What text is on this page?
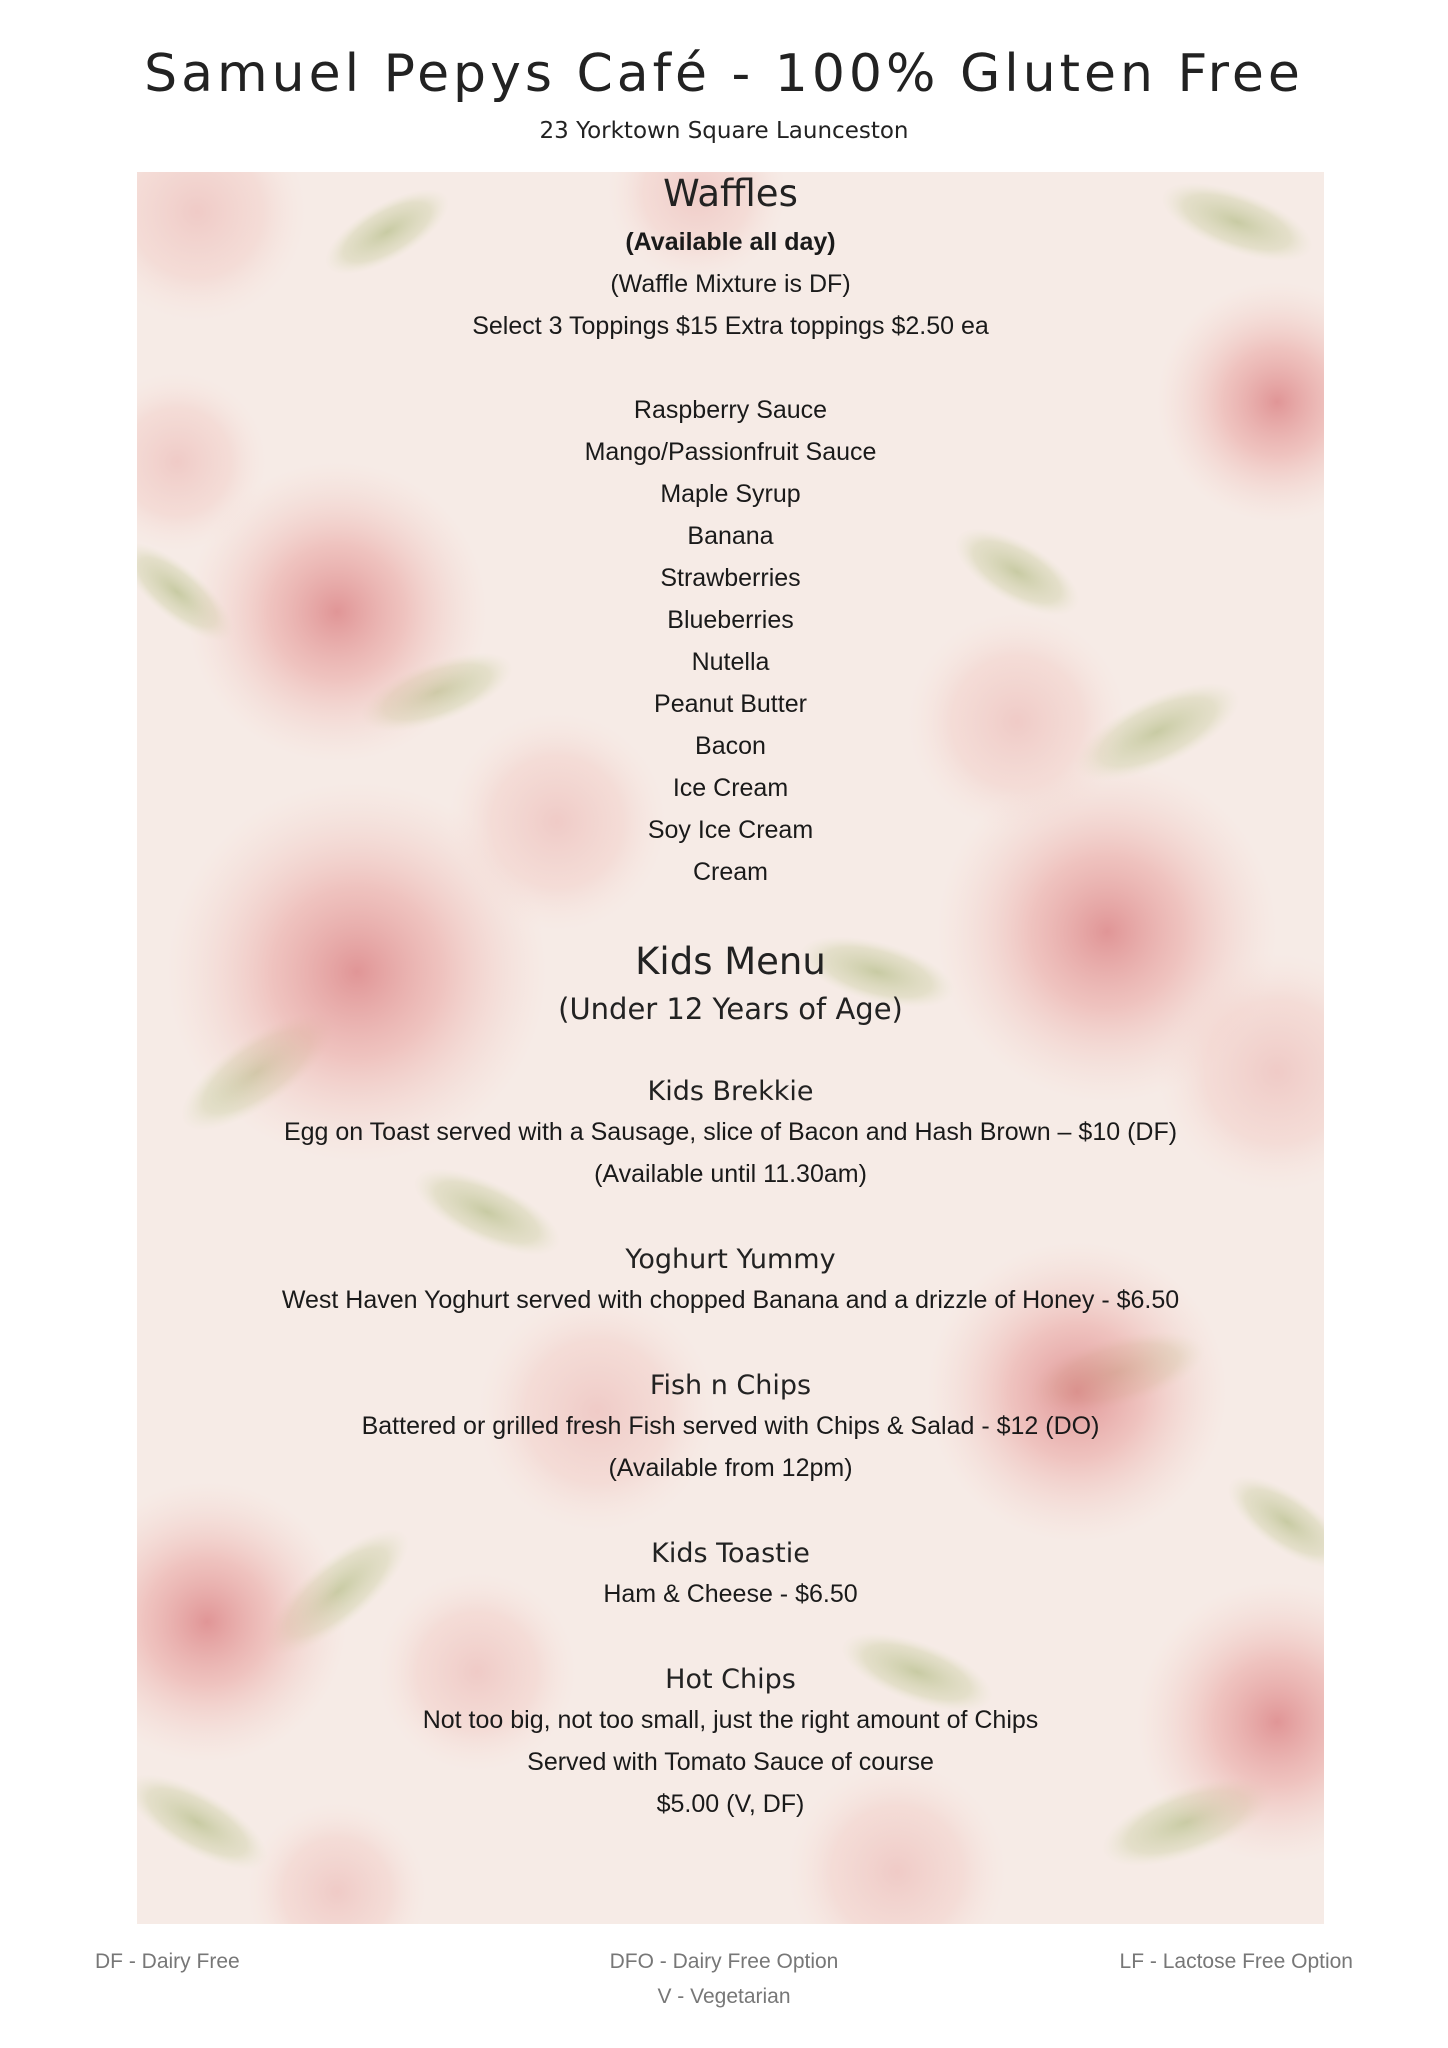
Samuel Pepys Café - 100% Gluten Free
23 Yorktown Square Launceston
Waffles
(Available all day)
(Waffle Mixture is DF)
Select 3 Toppings $15 Extra toppings $2.50 ea
Raspberry Sauce
Mango/Passionfruit Sauce
Maple Syrup
Banana
Strawberries
Blueberries
Nutella
Peanut Butter
Bacon
Ice Cream
Soy Ice Cream
Cream
Kids Menu
(Under 12 Years of Age)
Kids Brekkie
Egg on Toast served with a Sausage, slice of Bacon and Hash Brown – $10 (DF)
(Available until 11.30am)
Yoghurt Yummy
West Haven Yoghurt served with chopped Banana and a drizzle of Honey - $6.50
Fish n Chips
Battered or grilled fresh Fish served with Chips & Salad - $12 (DO)
(Available from 12pm)
Kids Toastie
Ham & Cheese - $6.50
Hot Chips
Not too big, not too small, just the right amount of Chips
Served with Tomato Sauce of course
$5.00 (V, DF)
DF - Dairy Free	DFO - Dairy Free Option	LF - Lactose Free Option
V - Vegetarian
